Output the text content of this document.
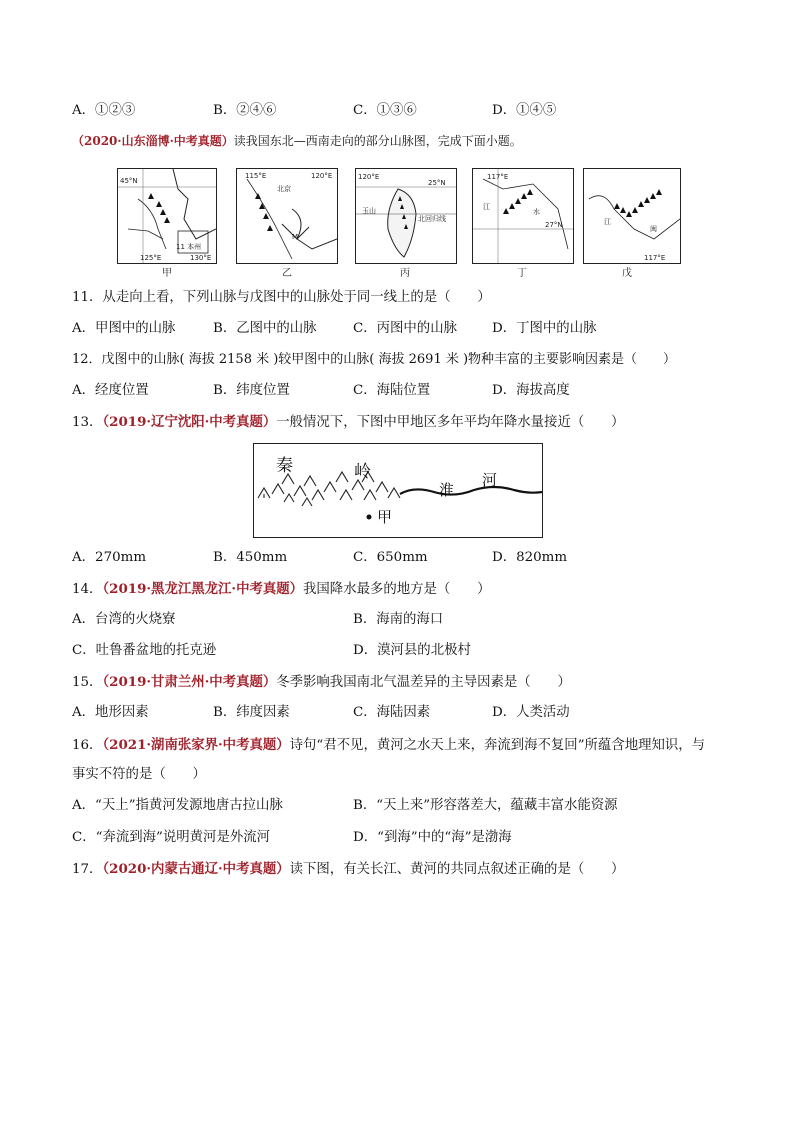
A．①②③	B．②④⑥	C．①③⑥	D．①④⑤
（2020·山东淄博·中考真题）读我国东北—西南走向的部分山脉图，完成下面小题。
45°N
11 本州
125°E	130°E
甲
115°E	120°E
北京
M
乙
120°E
25°N
玉山
北回归线
丙
117°E
27°N
江
水
丁
117°E
江
闽
戊
11．从走向上看，下列山脉与戊图中的山脉处于同一线上的是（　　）
A．甲图中的山脉	B．乙图中的山脉	C．丙图中的山脉	D．丁图中的山脉
12．戊图中的山脉( 海拔 2158 米 )较甲图中的山脉( 海拔 2691 米 )物种丰富的主要影响因素是（　　）
A．经度位置	B．纬度位置	C．海陆位置	D．海拔高度
13．（2019·辽宁沈阳·中考真题）一般情况下，下图中甲地区多年平均年降水量接近（　　）
秦	岭
淮
河
甲
A．270mm	B．450mm	C．650mm	D．820mm
14．（2019·黑龙江黑龙江·中考真题）我国降水最多的地方是（　　）
A．台湾的火烧寮	B．海南的海口
C．吐鲁番盆地的托克逊	D．漠河县的北极村
15．（2019·甘肃兰州·中考真题）冬季影响我国南北气温差异的主导因素是（　　）
A．地形因素	B．纬度因素	C．海陆因素	D．人类活动
16．（2021·湖南张家界·中考真题）诗句“君不见，黄河之水天上来，奔流到海不复回”所蕴含地理知识，与
事实不符的是（　　）
A．“天上”指黄河发源地唐古拉山脉	B．“天上来”形容落差大，蕴藏丰富水能资源
C．“奔流到海”说明黄河是外流河	D．“到海”中的“海”是渤海
17．（2020·内蒙古通辽·中考真题）读下图，有关长江、黄河的共同点叙述正确的是（　　）
